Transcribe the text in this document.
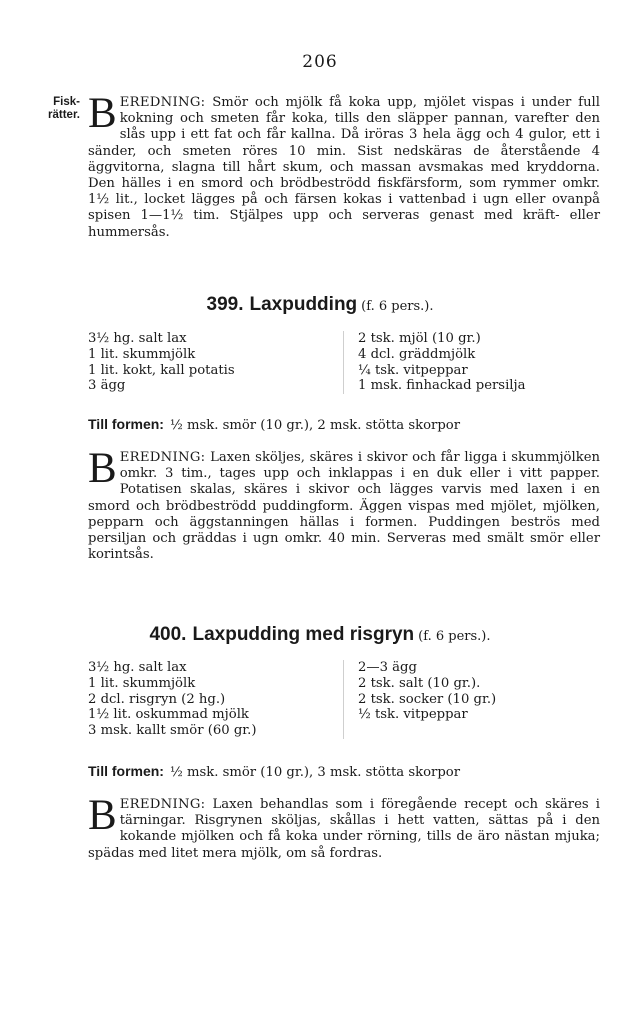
206
Fisk-
rätter. BEREDNING: Smör och mjölk få koka upp, mjölet vispas i under full kokning och smeten får koka, tills den släpper pannan, varefter den slås upp i ett fat och får kallna. Då iröras 3 hela ägg och 4 gulor, ett i sänder, och smeten röres 10 min. Sist nedskäras de återstående 4 äggvitorna, slagna till hårt skum, och massan avsmakas med kryddorna. Den hälles i en smord och brödbeströdd fiskfärsform, som rymmer omkr. 1½ lit., locket lägges på och färsen kokas i vattenbad i ugn eller ovanpå spisen 1—1½ tim. Stjälpes upp och serveras genast med kräft- eller hummersås.
399. Laxpudding (f. 6 pers.).
3½ hg. salt lax
1 lit. skummjölk
1 lit. kokt, kall potatis
3 ägg
2 tsk. mjöl (10 gr.)
4 dcl. gräddmjölk
¼ tsk. vitpeppar
1 msk. finhackad persilja
Till formen: ½ msk. smör (10 gr.), 2 msk. stötta skorpor
BEREDNING: Laxen sköljes, skäres i skivor och får ligga i skummjölken omkr. 3 tim., tages upp och inklappas i en duk eller i vitt papper. Potatisen skalas, skäres i skivor och lägges varvis med laxen i en smord och brödbeströdd puddingform. Äggen vispas med mjölet, mjölken, pepparn och äggstanningen hällas i formen. Puddingen beströs med persiljan och gräddas i ugn omkr. 40 min. Serveras med smält smör eller korintsås.
400. Laxpudding med risgryn (f. 6 pers.).
3½ hg. salt lax
1 lit. skummjölk
2 dcl. risgryn (2 hg.)
1½ lit. oskummad mjölk
3 msk. kallt smör (60 gr.)
2—3 ägg
2 tsk. salt (10 gr.).
2 tsk. socker (10 gr.)
½ tsk. vitpeppar
Till formen: ½ msk. smör (10 gr.), 3 msk. stötta skorpor
BEREDNING: Laxen behandlas som i föregående recept och skäres i tärningar. Risgrynen sköljas, skållas i hett vatten, sättas på i den kokande mjölken och få koka under rörning, tills de äro nästan mjuka; spädas med litet mera mjölk, om så fordras.
